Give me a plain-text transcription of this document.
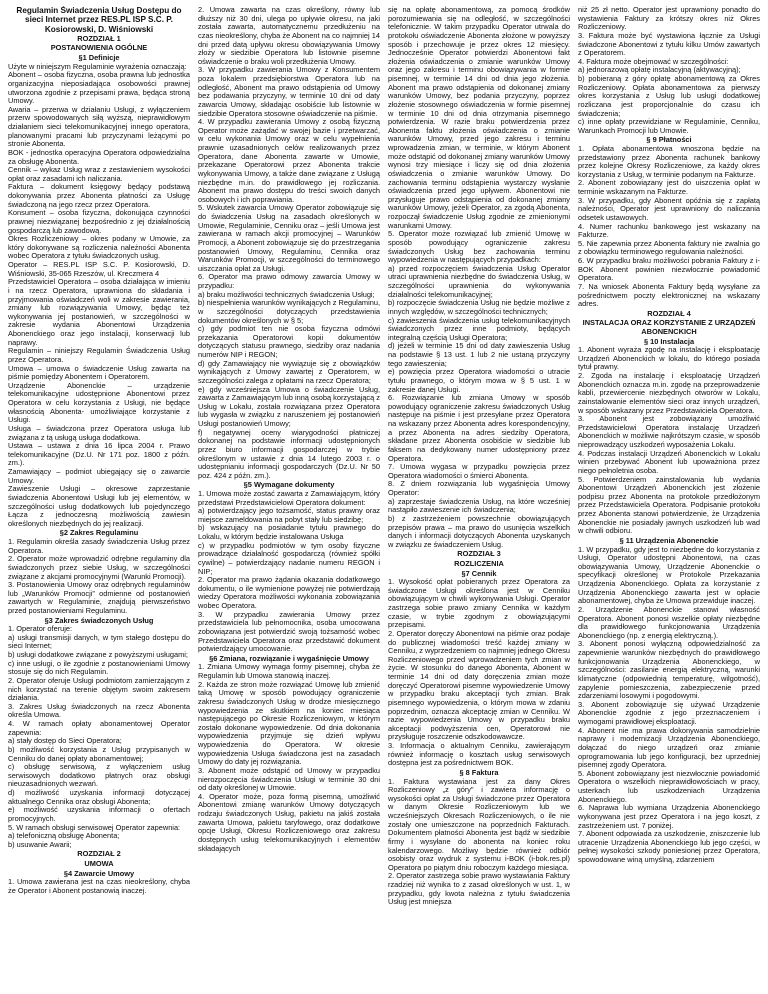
Regulamin Świadczenia Usług Dostępu do sieci Internet przez RES.PL ISP S.C. P. Kosiorowski, D. Wiśniowski
ROZDZIAŁ 1
POSTANOWIENIA OGÓLNE
§1 Definicje
Użyte w niniejszym Regulaminie wyrażenia oznaczają:
Abonent – osoba fizyczna, osoba prawna lub jednostka organizacyjna nieposiadająca osobowości prawnej utworzona zgodnie z przepisami prawa, będąca stroną Umowy.
Awaria – przerwa w działaniu Usługi, z wyłączeniem przerw spowodowanych siłą wyższą, nieprawidłowym działaniem sieci telekomunikacyjnej innego operatora, planowanymi pracami lub przyczynami leżącymi po stronie Abonenta.
BOK - jednostka operacyjna Operatora odpowiedzialna za obsługę Abonenta.
Cennik – wykaz Usług wraz z zestawieniem wysokości opłat oraz zasadami ich naliczania.
Faktura – dokument księgowy będący podstawą dokonywania przez Abonenta płatności za Usługę świadczoną na jego rzecz przez Operatora.
Konsument – osoba fizyczna, dokonująca czynności prawnej niezwiązanej bezpośrednio z jej działalnością gospodarczą lub zawodową.
Okres Rozliczeniowy – okres podany w Umowie, za który dokonywane są rozliczenia należności Abonenta wobec Operatora z tytułu świadczonych usług.
Operator – RES.PL ISP S.C. P. Kosiorowski, D. Wiśniowski, 35-065 Rzeszów, ul. Kreczmera 4
Przedstawiciel Operatora – osoba działająca w imieniu i na rzecz Operatora, uprawniona do składania i przyjmowania oświadczeń woli w zakresie zawierania, zmiany lub rozwiązywania Umowy, będąc też wykonywania jej postanowień, w szczególności w zakresie wydania Abonentowi Urządzenia Abonenckiego oraz jego instalacji, konserwacji lub naprawy.
Regulamin – niniejszy Regulamin Świadczenia Usług przez Operatora.
Umowa – umowa o świadczenie Usług zawarta na piśmie pomiędzy Abonentem i Operatorem.
Urządzenie Abonenckie – urządzenie telekomunikacyjne udostępnione Abonentowi przez Operatora w celu korzystania z Usługi, nie będące własnością Abonenta- umożliwiające korzystanie z Usługi.
Usługa – świadczona przez Operatora usługa lub związana z tą usługą usługa dodatkowa.
Ustawa – ustawa z dnia 16 lipca 2004 r. Prawo telekomunikacyjne (Dz.U. Nr 171 poz. 1800 z późn. zm.).
Zamawiający – podmiot ubiegający się o zawarcie Umowy.
Zawieszenie Usługi – okresowe zaprzestanie świadczenia Abonentowi Usługi lub jej elementów, w szczególności usług dodatkowych lub pojedynczego Łącza z jednoczesną możliwością zawiesin określonych niezbędnych do jej realizacji.
§2 Zakres Regulaminu
1. Regulamin określa zasady świadczenia Usług przez Operatora.
2. Operator może wprowadzić odrębne regulaminy dla świadczonych przez siebie Usług, w szczególności związane z akcjami promocyjnymi (Warunki Promocji).
3. Postanowienia Umowy oraz odrębnych regulaminów lub „Warunków Promocji” odmienne od postanowień zawartych w Regulaminie, znajdują pierwszeństwo przed postanowieniami Regulaminu.
§3 Zakres świadczonych Usług
1. Operator oferuje:
a) usługi transmisji danych, w tym stałego dostępu do sieci Internet;
b) usługi dodatkowe związane z powyższymi usługami;
c) inne usługi, o ile zgodnie z postanowieniami Umowy stosuje się do nich Regulamin.
2. Operator oferuje Usługi podmiotom zamierzającym z nich korzystać na terenie objętym swoim zakresem działania.
3. Zakres Usług świadczonych na rzecz Abonenta określa Umowa.
4. W ramach opłaty abonamentowej Operator zapewnia:
a) stały dostęp do Sieci Operatora;
b) możliwość korzystania z Usług przypisanych w Cenniku do danej opłaty abonamentowej;
c) obsługę serwisową, z wyłączeniem usług serwisowych dodatkowo płatnych oraz obsługi nieuzasadnionych wezwań.
d) możliwość uzyskania informacji dotyczącej aktualnego Cennika oraz obsługi Abonenta;
e) możliwość uzyskania informacji o ofertach promocyjnych.
5. W ramach obsługi serwisowej Operator zapewnia:
a) telefoniczną obsługę Abonenta;
b) usuwanie Awarii;
ROZDZIAŁ 2
UMOWA
§4 Zawarcie Umowy
1. Umowa zawierana jest na czas nieokreślony, chyba że Operator i Abonent postanowią inaczej.
2. Umowa zawarta na czas określony, równy lub dłuższy niż 30 dni, ulega po upływie okresu, na jaki została zawarta, automatycznemu przedłużeniu na czas nieokreślony, chyba że Abonent na co najmniej 14 dni przed datą upływu okresu obowiązywania Umowy złoży w siedzibie Operatora lub listownie pisemne oświadczenie o braku woli przedłużenia Umowy.
3. W przypadku zawierania Umowy z Konsumentem poza lokalem przedsiębiorstwa Operatora lub na odległość, Abonent ma prawo odstąpienia od Umowy bez podawania przyczyny, w terminie 10 dni od daty zawarcia Umowy, składając osobiście lub listownie w siedzibie Operatora stosowne oświadczenie na piśmie.
4. W przypadku zawierania Umowy z osobą fizyczną Operator może zażądać w swojej bazie i przetwarzać, w celu wykonania Umowy oraz w celu wypełnienia prawnie uzasadnionych celów realizowanych przez Operatora, dane Abonenta zawarte w Umowie, przekazane Operatorowi przez Abonenta trakcie wykonywania Umowy, a także dane związane z Usługą niezbędne m.in. do prawidłowego jej rozliczania. Abonent ma prawo dostępu do treści swoich danych osobowych i ich poprawiania.
5. Wskutek zawarcia Umowy Operator zobowiązuje się do świadczenia Usług na zasadach określonych w Umowie, Regulaminie, Cenniku oraz – jeśli Umowa jest zawierana w ramach akcji promocyjnej – Warunków Promocji, a Abonent zobowiązuje się do przestrzegania postanowień Umowy, Regulaminu, Cennika oraz Warunków Promocji, w szczególności do terminowego uiszczania opłat za Usługi.
6. Operator ma prawo odmowy zawarcia Umowy w przypadku:
a) braku możliwości technicznych świadczenia Usługi;
b) niespełnienia warunków wynikających z Regulaminu, w szczególności dotyczących przedstawienia dokumentów określonych w § 5;
c) gdy podmiot ten nie osoba fizyczna odmówi przekazania Operatorowi kopii dokumentów dotyczących statusu prawnego, siedziby oraz nadania numerów NIP i REGON;
d) gdy Zamawiający nie wywiązuje się z obowiązków wynikających z Umowy zawartej z Operatorem, w szczególności zalega z opłatami na rzecz Operatora;
e) gdy wcześniejsza Umowa o świadczenie Usług, zawarta z Zamawiającym lub inną osobą korzystającą z Usług w Lokalu, została rozwiązana przez Operatora lub wygasła w związku z naruszeniem jej postanowień Usługi postanowień Umowy;
f) negatywnej oceny wiarygodności płatniczej dokonanej na podstawie informacji udostępnionych przez biuro informacji gospodarczej w trybie określonym w ustawie z dnia 14 lutego 2003 r. o udostępnianiu informacji gospodarczych (Dz.U. Nr 50 poz. 424 z późn. zm.).
§5 Wymagane dokumenty
1. Umowa może zostać zawarta z Zamawiającym, który przedstawi Przedstawicielowi Operatora dokument:
a) potwierdzający jego tożsamość, status prawny oraz miejsce zameldowania na pobyt stały lub siedzibę;
b) wskazujący na posiadanie tytułu prawnego do Lokalu, w którym będzie instalowana Usługa
c) w przypadku podmiotów w tym osoby fizyczne prowadzące działalność gospodarczą (również spółki cywilne) – potwierdzający nadanie numeru REGON i NIP;
2. Operator ma prawo żądania okazania dodatkowego dokumentu, o ile wymienione powyżej nie potwierdzają wiedzy Operatora możliwości wykonania zobowiązania wobec Operatora.
3. W przypadku zawierania Umowy przez przedstawiciela lub pełnomocnika, osoba umocowana zobowiązana jest potwierdzić swoją tożsamość wobec Przedstawiciela Operatora oraz przedstawić dokument potwierdzający umocowanie.
§6 Zmiana, rozwiązanie i wygaśnięcie Umowy
1. Zmiana Umowy wymaga formy pisemnej, chyba że Regulamin lub Umowa stanowią inaczej.
2. Każda ze stron może rozwiązać Umowę lub zmienić taką Umowę w sposób powodujący ograniczenie zakresu świadczonych Usług w drodze miesięcznego wypowiedzenia ze skutkiem na koniec miesiąca następującego po Okresie Rozliczeniowym, w którym zostało dokonane wypowiedzenie. Od dnia dokonania wypowiedzenia przyjmuje się dzień wpływu wypowiedzenia do Operatora. W okresie wypowiedzenia Usługa świadczona jest na zasadach Umowy do daty jej rozwiązania.
3. Abonent może odstąpić od Umowy w przypadku nierozpoczęcia świadczenia Usługi w terminie 30 dni od daty określonej w Umowie.
4. Operator może, poza formą pisemną, umożliwić Abonentowi zmianę warunków Umowy dotyczących rodzaju świadczonych Usług, pakietu na jakiś została zawarta Umowa, pakietu taryfowego, oraz dodatkowe opcje Usługi, Okresu Rozliczeniowego oraz zakresu dostępnych usług telekomunikacyjnych i elementów składających
się na opłatę abonamentową, za pomocą środków porozumiewania się na odległość, w szczególności telefonicznie. W takim przypadku Operator utrwala do protokołu oświadczenie Abonenta złożone w powyższy sposób i przechowuje je przez okres 12 miesięcy. Jednocześnie Operator potwierdzi Abonentowi fakt złożenia oświadczenia o zmianie warunków Umowy oraz jego zakresu i terminu obowiązywania w formie pisemnej, w terminie 14 dni od dnia jego złożenia. Abonent ma prawo odstąpienia od dokonanej zmiany warunków Umowy, bez podania przyczyny, poprzez złożenie stosownego oświadczenia w formie pisemnej w terminie 10 dni od dnia otrzymania pisemnego potwierdzenia. W razie braku potwierdzenia przez Abonenta faktu złożenia oświadczenia o zmianie warunków Umowy, przed jego zakresu i terminu wprowadzenia zmian, w terminie, w którym Abonent może odstąpić od dokonanej zmiany warunków Umowy wynosi trzy miesiące i liczy się od dnia złożenia oświadczenia o zmianie warunków Umowy. Do zachowania terminu odstąpienia wystarczy wysłanie oświadczenia przed jego upływem. Abonentowi nie przysługuje prawo odstąpienia od dokonanej zmiany warunków Umowy, jeżeli Operator, za zgodą Abonenta, rozpoczął świadczenie Usług zgodnie ze zmienionymi warunkami Umowy.
5. Operator może rozwiązać lub zmienić Umowę w sposób powodujący ograniczenie zakresu świadczonych Usług bez zachowania terminu wypowiedzenia w następujących przypadkach:
a) przed rozpoczęciem świadczenia Usług Operator utraci uprawnienia niezbędne do świadczenia Usług, w szczególności uprawnienia do wykonywania działalności telekomunikacyjnej;
b) rozpoczęcie świadczenia Usług nie będzie możliwe z innych względów, w szczególności technicznych;
c) zawieszenia świadczenia usług telekomunikacyjnych świadczonych przez inne podmioty, będących integralną częścią Usługi Operatora;
d) jeżeli w terminie 15 dni od daty zawieszenia Usług na podstawie § 13 ust. 1 lub 2 nie ustaną przyczyny tego zawieszenia;
e) powzięcia przez Operatora wiadomości o utracie tytułu prawnego, o którym mowa w § 5 ust. 1 w zakresie danej Usługi.
6. Rozwiązanie lub zmiana Umowy w sposób powodujący ograniczenie zakresu świadczonych Usług następuje na piśmie i jest przesyłane przez Operatora na wskazany przez Abonenta adres korespondencyjny, a przez Abonenta na adres siedziby Operatora, składane przez Abonenta osobiście w siedzibie lub faksem na dedykowany numer udostępniony przez Operatora.
7. Umowa wygasa w przypadku powzięcia przez Operatora wiadomości o śmierci Abonenta.
8. Z dniem rozwiązania lub wygaśnięcia Umowy Operator:
a) zaprzestaje świadczenia Usług, na które wcześniej nastąpiło zawieszenie ich świadczenia;
b) z zastrzeżeniem powszechnie obowiązujących przepisów prawa – ma prawo do usunięcia wszelkich danych i informacji dotyczących Abonenta uzyskanych w związku ze świadczeniem Usług.
ROZDZIAŁ 3
ROZLICZENIA
§7 Cennik
1. Wysokość opłat pobieranych przez Operatora za świadczone Usługi określona jest w Cenniku obowiązującym w chwili wykonywania Usługi. Operator zastrzega sobie prawo zmiany Cennika w każdym czasie, w trybie zgodnym z obowiązującymi przepisami.
2. Operator doręczy Abonentowi na piśmie oraz podaje do publicznej wiadomości treść każdej zmiany w Cenniku, z wyprzedzeniem co najmniej jednego Okresu Rozliczeniowego przed wprowadzeniem tych zmian w życie. W stosunku do danego Abonenta, Abonent w terminie 14 dni od daty doręczenia zmian może doręczyć Operatorowi pisemne wypowiedzenie Umowy w przypadku braku akceptacji tych zmian. Brak pisemnego wypowiedzenia, o którym mowa w zdaniu poprzednim, oznacza akceptację zmian w Cenniku. W razie wypowiedzenia Umowy w przypadku braku akceptacji podwyższenia cen, Operatorowi nie przysługuje roszczenie odszkodowawcze.
3. Informacja o aktualnym Cenniku, zawierającym również informację o kosztach usług serwisowych dostępna jest za pośrednictwem BOK.
§ 8 Faktura
1. Faktura wystawiana jest za dany Okres Rozliczeniowy „z góry” i zawiera informację o wysokości opłat za Usługi świadczone przez Operatora w danym Okresie Rozliczeniowym lub we wcześniejszych Okresach Rozliczeniowych, o ile nie zostały one umieszczone na poprzednich Fakturach. Dokumentem płatności Abonenta jest bądź w siedzibie firmy i wysyłane do abonenta na koniec roku kalendarzowego. Możliwy będzie również odbiór osobisty oraz wydruk z systemu i-BOK (i-bok.res.pl) Operatora po piątym dniu roboczym każdego miesiąca.
2. Operator zastrzega sobie prawo wystawiania Faktury rzadziej niż wynika to z zasad określonych w ust. 1, w przypadku, gdy kwota należna z tytułu świadczenia Usług jest mniejsza
niż 25 zł netto. Operator jest uprawniony ponadto do wystawienia Faktury za krótszy okres niż Okres Rozliczeniowy.
3. Faktura może być wystawiona łącznie za Usługi świadczone Abonentowi z tytułu kilku Umów zawartych z Operatorem.
4. Faktura może obejmować w szczególności:
a) jednorazową opłatę instalacyjną (aktywacyjną);
b) pobieraną z góry opłatę abonamentową za Okres Rozliczeniowy. Opłata abonamentowa za pierwszy okres korzystania z Usług lub usługi dodatkowej rozliczana jest proporcjonalnie do czasu ich świadczenia;
c) inne opłaty przewidziane w Regulaminie, Cenniku, Warunkach Promocji lub Umowie.
§ 9 Płatności
1. Opłata abonamentowa wnoszona będzie na przedstawiony przez Abonenta rachunek bankowy przez kolejne Okresy Rozliczeniowe, za każdy okres korzystania z Usług, w terminie podanym na Fakturze.
2. Abonent zobowiązany jest do uiszczenia opłat w terminie wskazanym na Fakturze.
3. W przypadku, gdy Abonent opóźnia się z zapłatą należności, Operator jest uprawniony do naliczania odsetek ustawowych.
4. Numer rachunku bankowego jest wskazany na Fakturze.
5. Nie zapewnia przez Abonenta faktury nie zwalnia go z obowiązku terminowego regulowania należności.
6. W przypadku braku możliwości pobrania Faktury z i-BOK Abonent powinien niezwłocznie powiadomić Operatora.
7. Na wniosek Abonenta Faktury będą wysyłane za pośrednictwem poczty elektronicznej na wskazany adres.
ROZDZIAŁ 4
INSTALACJA ORAZ KORZYSTANIE Z URZĄDZEŃ ABONENCKICH
§ 10 Instalacja
1. Abonent wyraża zgodę na instalację i eksploatację Urządzeń Abonenckich w lokalu, do którego posiada tytuł prawny.
2. Zgoda na instalację i eksploatację Urządzeń Abonenckich oznacza m.in. zgodę na przeprowadzenie kabli, przewiercenie niezbędnych otworów w Lokalu, zainstalowanie elementów sieci oraz innych urządzeń, w sposób wskazany przez Przedstawiciela Operatora.
3. Abonent jest zobowiązany umożliwić Przedstawicielowi Operatora instalację Urządzeń Abonenckich w możliwie najkrótszym czasie, w sposób nieprowadzący uszkodzeń wyposażenia Lokalu.
4. Podczas instalacji Urządzeń Abonenckich w Lokalu winien przebywać Abonent lub upoważniona przez niego pełnoletnia osoba.
5. Potwierdzeniem zainstalowania lub wydania Abonentowi Urządzeń Abonenckich jest złożenie podpisu przez Abonenta na protokole przedłożonym przez Przedstawiciela Operatora. Podpisanie protokołu przez Abonenta stanowi potwierdzenie, że Urządzenia Abonenckie nie posiadały jawnych uszkodzeń lub wad w chwili odbioru.
§ 11 Urządzenia Abonenckie
1. W przypadku, gdy jest to niezbędne do korzystania z Usługi, Operator udostępni Abonentowi, na czas obowiązywania Umowy, Urządzenie Abonenckie o specyfikacji określonej w Protokole Przekazania Urządzenia Abonenckiego. Opłata za korzystanie z Urządzenia Abonenckiego zawarta jest w opłacie abonamentowej, chyba że Umowa przewiduje inaczej.
2. Urządzenie Abonenckie stanowi własność Operatora. Abonent ponosi wszelkie opłaty niezbędne dla prawidłowego funkcjonowania Urządzenia Abonenckiego (np. z energią elektryczną.).
3. Abonent ponosi wyłączną odpowiedzialność za zapewnienie warunków niezbędnych do prawidłowego funkcjonowania Urządzenia Abonenckiego, w szczególności: zasilanie energią elektryczną, warunki klimatyczne (odpowiednią temperaturę, wilgotność), zapylenie pomieszczenia, zabezpieczenie przed zdarzeniami losowymi i pogodowymi.
3. Abonent zobowiązuje się używać Urządzenie Abonenckie zgodnie z jego przeznaczeniem i wymogami prawidłowej eksploatacji.
4. Abonent nie ma prawa dokonywania samodzielnie naprawy i modernizacji Urządzenia Abonenckiego, dołączać do niego urządzeń oraz zmianie oprogramowania lub jego konfiguracji, bez uprzedniej pisemnej zgody Operatora.
5. Abonent zobowiązany jest niezwłocznie powiadomić Operatora o wszelkich nieprawidłowościach w pracy, usterkach lub uszkodzeniach Urządzenia Abonenckiego.
6. Naprawa lub wymiana Urządzenia Abonenckiego wykonywana jest przez Operatora i na jego koszt, z zastrzeżeniem ust. 7 poniżej.
7. Abonent odpowiada za uszkodzenie, zniszczenie lub utracenie Urządzenia Abonenckiego lub jego części, w pełnej wysokości szkody poniesionej przez Operatora, spowodowane winą umyślną, zdarzeniem
